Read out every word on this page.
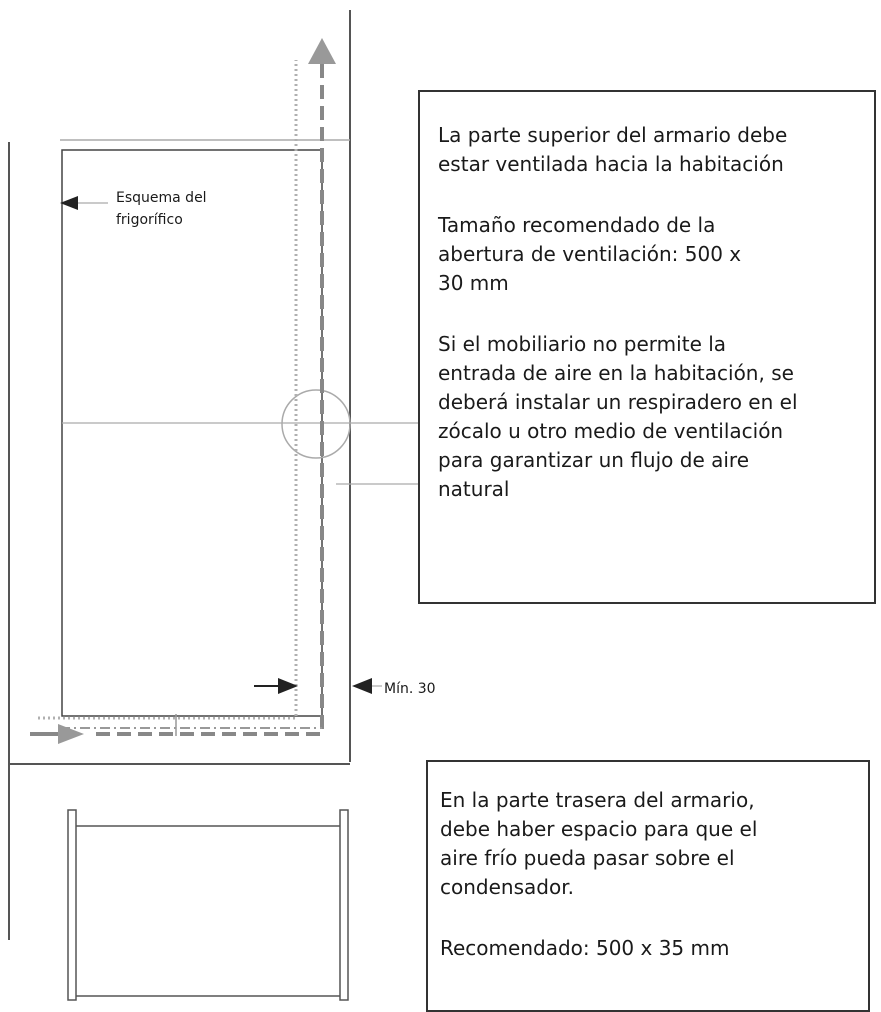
Esquema del
frigorífico
Mín. 30

La parte superior del armario debe
estar ventilada hacia la habitación

Tamaño recomendado de la
abertura de ventilación: 500 x
30 mm

Si el mobiliario no permite la
entrada de aire en la habitación, se
deberá instalar un respiradero en el
zócalo u otro medio de ventilación
para garantizar un flujo de aire
natural

En la parte trasera del armario,
debe haber espacio para que el
aire frío pueda pasar sobre el
condensador.

Recomendado: 500 x 35 mm
